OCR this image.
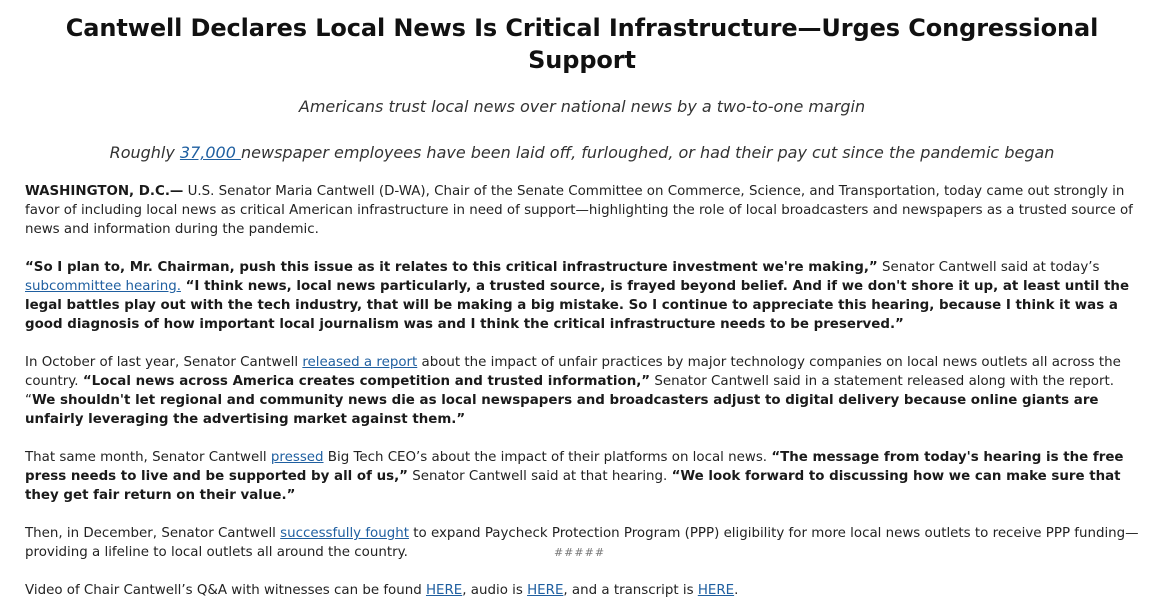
Cantwell Declares Local News Is Critical Infrastructure—Urges Congressional Support

Americans trust local news over national news by a two-to-one margin

Roughly 37,000 newspaper employees have been laid off, furloughed, or had their pay cut since the pandemic began

WASHINGTON, D.C.— U.S. Senator Maria Cantwell (D-WA), Chair of the Senate Committee on Commerce, Science, and Transportation, today came out strongly in favor of including local news as critical American infrastructure in need of support—highlighting the role of local broadcasters and newspapers as a trusted source of news and information during the pandemic.

“So I plan to, Mr. Chairman, push this issue as it relates to this critical infrastructure investment we're making,” Senator Cantwell said at today’s subcommittee hearing. “I think news, local news particularly, a trusted source, is frayed beyond belief. And if we don't shore it up, at least until the legal battles play out with the tech industry, that will be making a big mistake. So I continue to appreciate this hearing, because I think it was a good diagnosis of how important local journalism was and I think the critical infrastructure needs to be preserved.”

In October of last year, Senator Cantwell released a report about the impact of unfair practices by major technology companies on local news outlets all across the country. “Local news across America creates competition and trusted information,” Senator Cantwell said in a statement released along with the report. “We shouldn't let regional and community news die as local newspapers and broadcasters adjust to digital delivery because online giants are unfairly leveraging the advertising market against them.”

That same month, Senator Cantwell pressed Big Tech CEO’s about the impact of their platforms on local news. “The message from today's hearing is the free press needs to live and be supported by all of us,” Senator Cantwell said at that hearing. “We look forward to discussing how we can make sure that they get fair return on their value.”

Then, in December, Senator Cantwell successfully fought to expand Paycheck Protection Program (PPP) eligibility for more local news outlets to receive PPP funding—providing a lifeline to local outlets all around the country.

Video of Chair Cantwell’s Q&A with witnesses can be found HERE, audio is HERE, and a transcript is HERE.

#####
